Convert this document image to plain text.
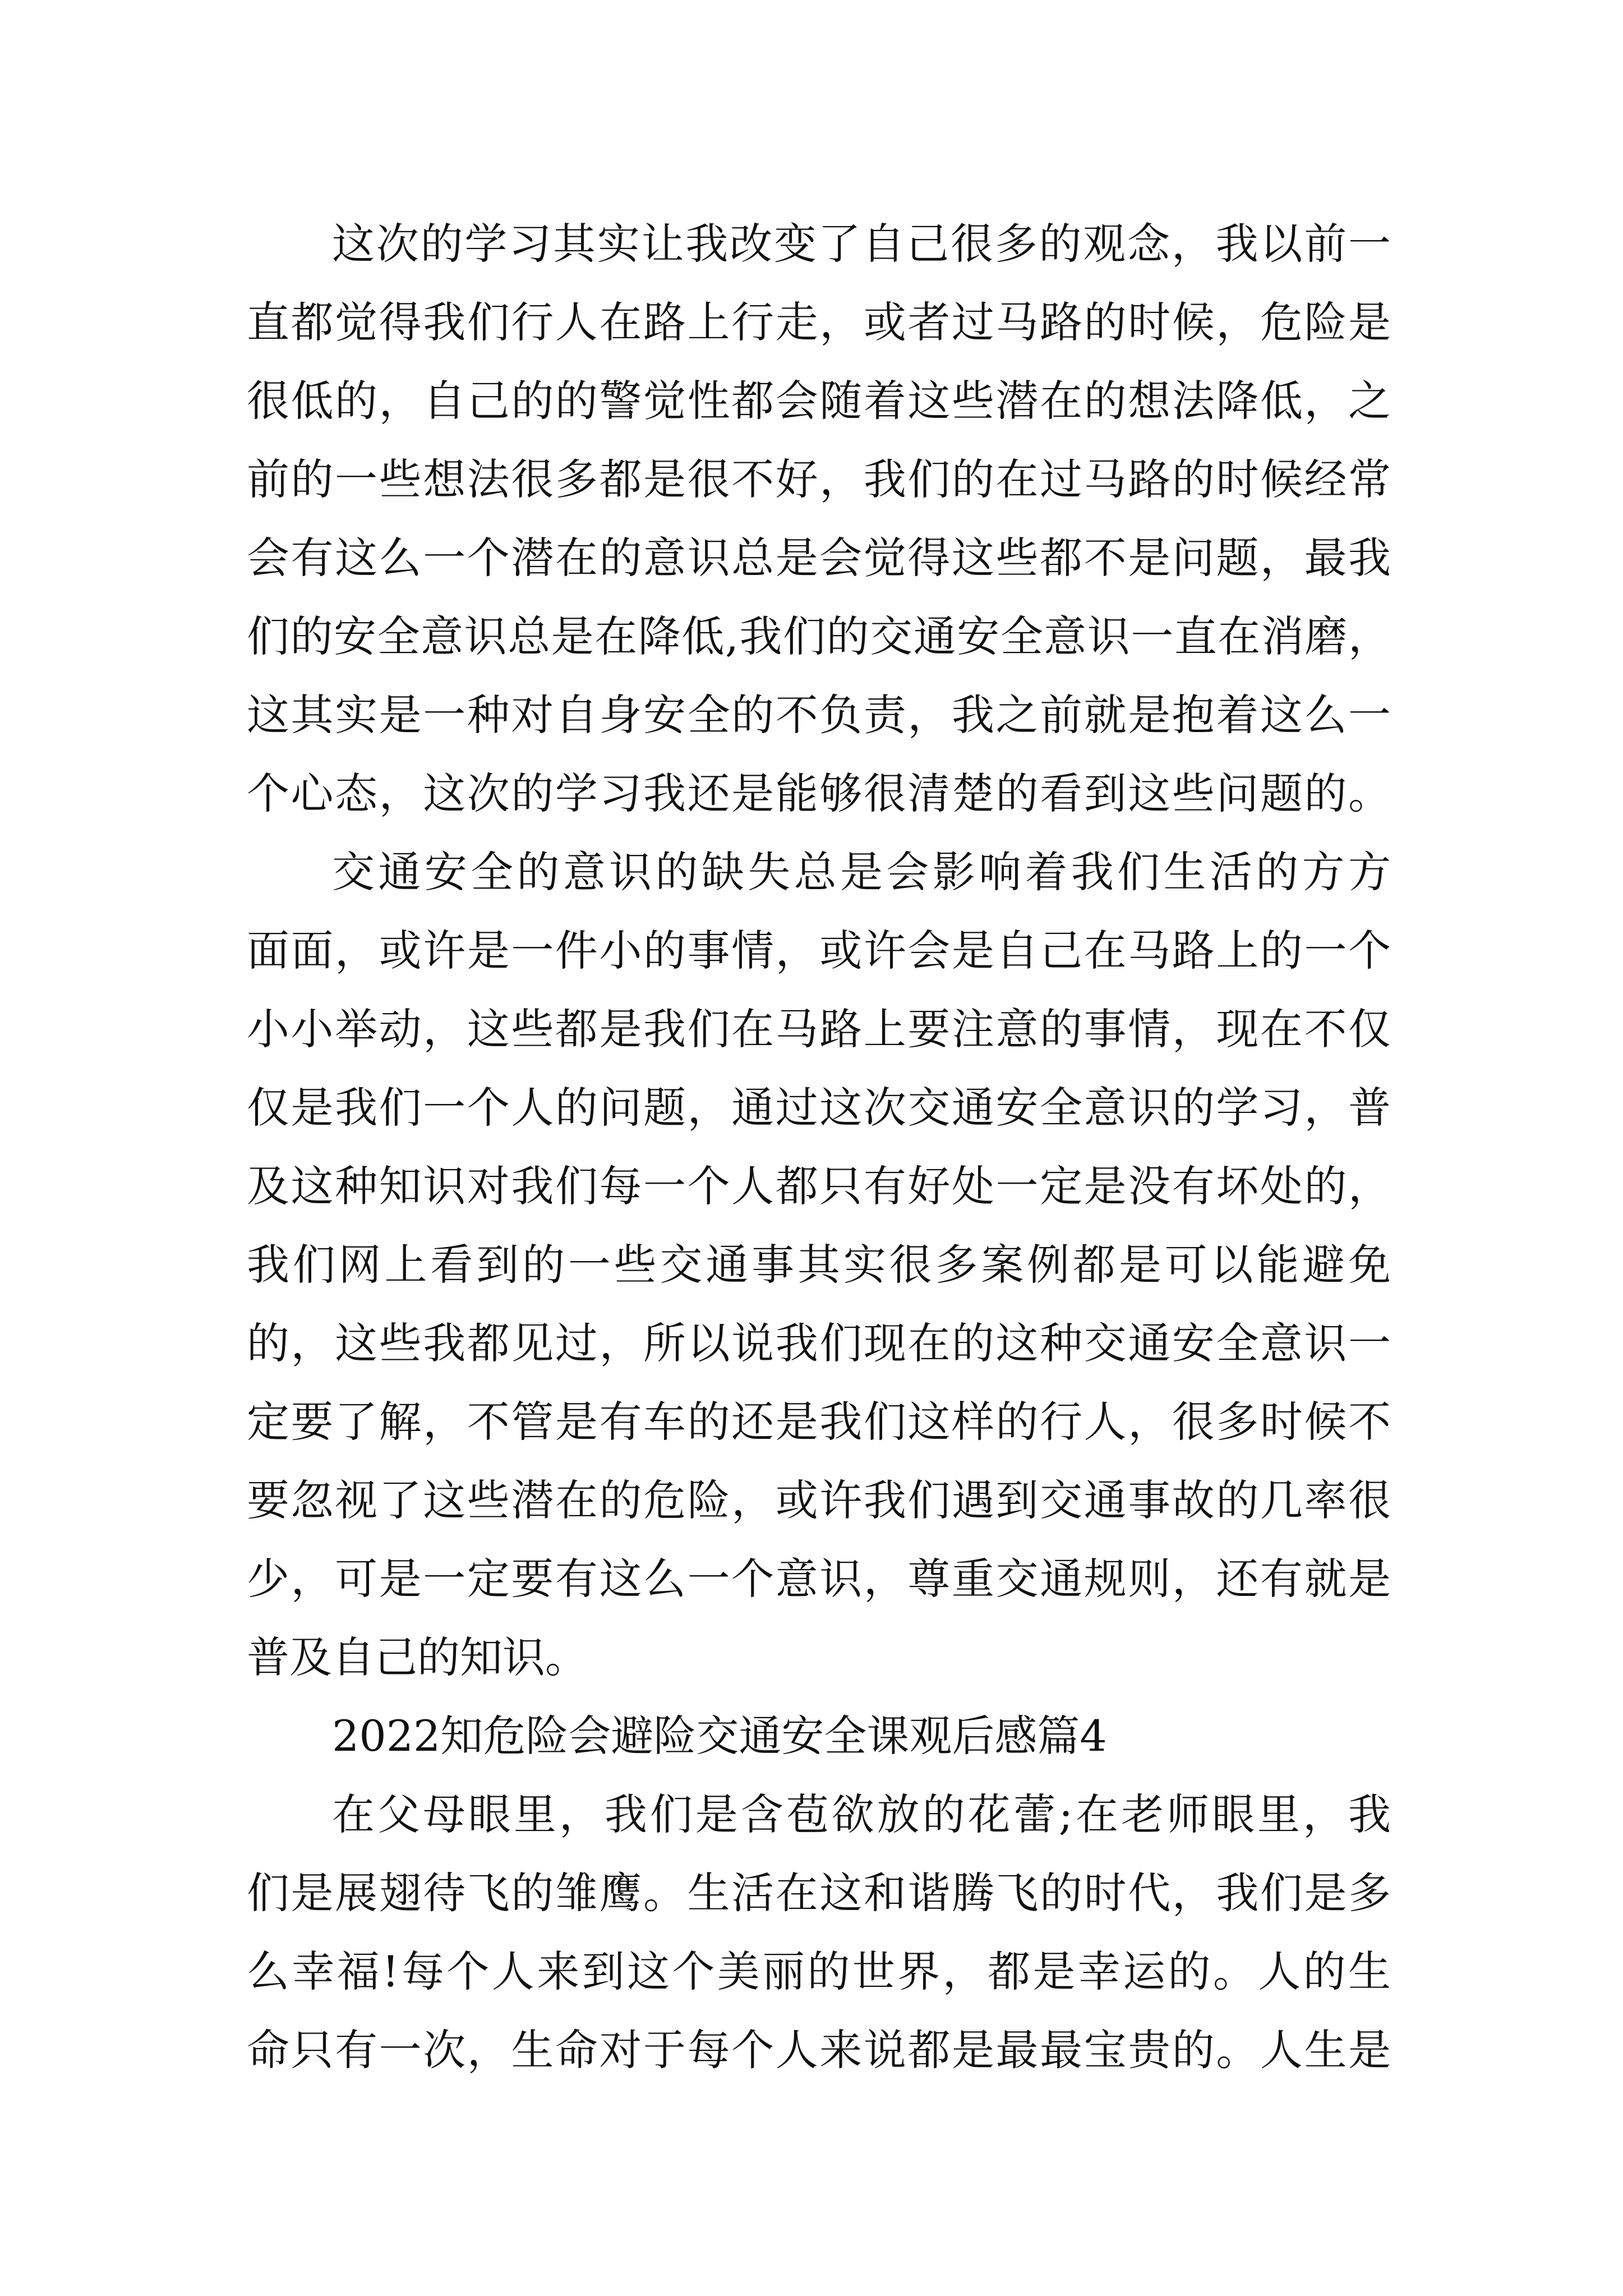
这次的学习其实让我改变了自己很多的观念，我以前一
直都觉得我们行人在路上行走，或者过马路的时候，危险是
很低的，自己的的警觉性都会随着这些潜在的想法降低，之
前的一些想法很多都是很不好，我们的在过马路的时候经常
会有这么一个潜在的意识总是会觉得这些都不是问题，最我
们的安全意识总是在降低,我们的交通安全意识一直在消磨，
这其实是一种对自身安全的不负责，我之前就是抱着这么一
个心态，这次的学习我还是能够很清楚的看到这些问题的。
交通安全的意识的缺失总是会影响着我们生活的方方
面面，或许是一件小的事情，或许会是自己在马路上的一个
小小举动，这些都是我们在马路上要注意的事情，现在不仅
仅是我们一个人的问题，通过这次交通安全意识的学习，普
及这种知识对我们每一个人都只有好处一定是没有坏处的，
我们网上看到的一些交通事其实很多案例都是可以能避免
的，这些我都见过，所以说我们现在的这种交通安全意识一
定要了解，不管是有车的还是我们这样的行人，很多时候不
要忽视了这些潜在的危险，或许我们遇到交通事故的几率很
少，可是一定要有这么一个意识，尊重交通规则，还有就是
普及自己的知识。
2022知危险会避险交通安全课观后感篇4
在父母眼里，我们是含苞欲放的花蕾;在老师眼里，我
们是展翅待飞的雏鹰。生活在这和谐腾飞的时代，我们是多
么幸福!每个人来到这个美丽的世界，都是幸运的。人的生
命只有一次，生命对于每个人来说都是最最宝贵的。人生是
